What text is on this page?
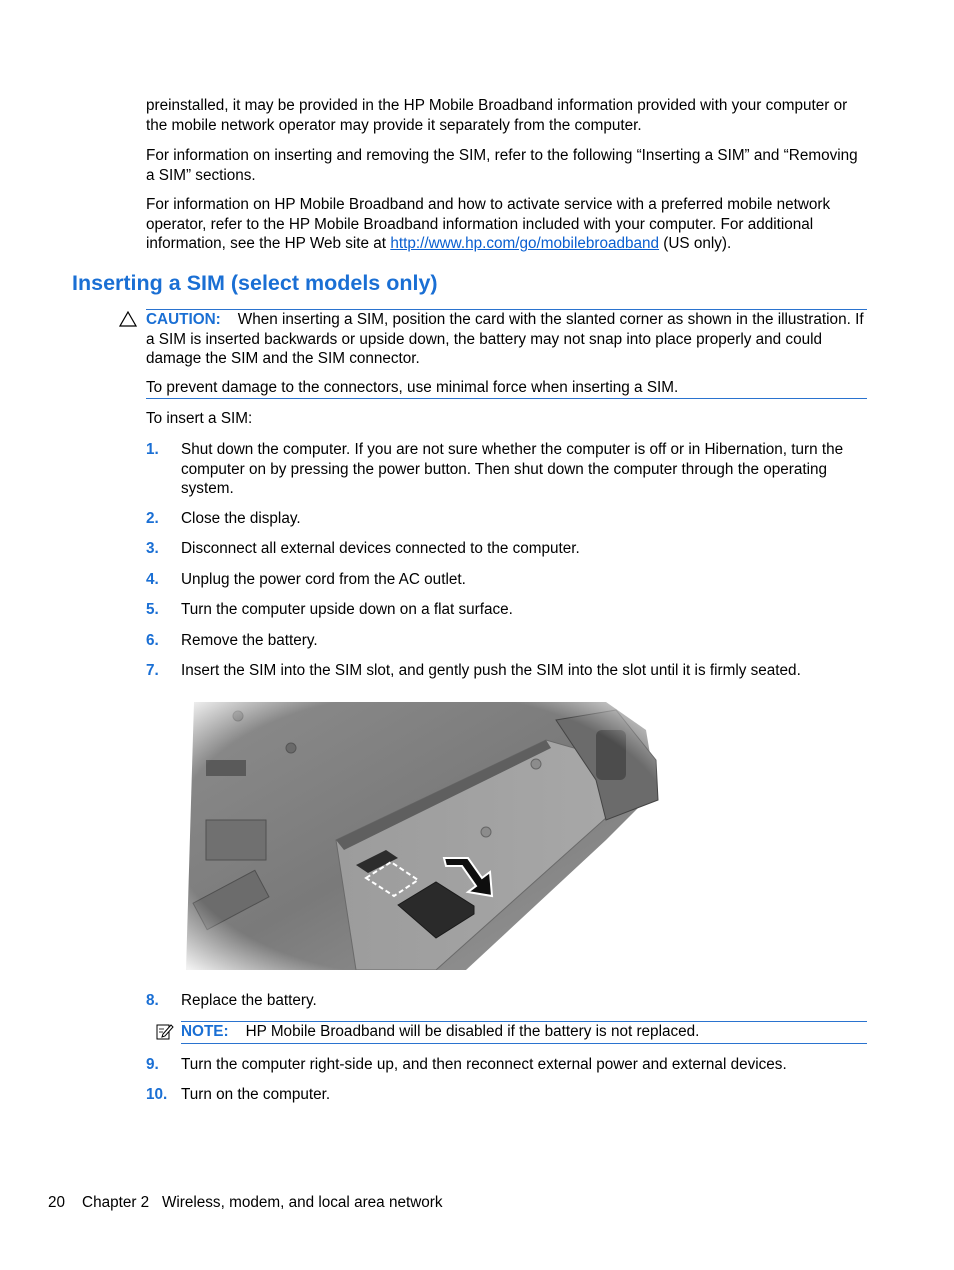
preinstalled, it may be provided in the HP Mobile Broadband information provided with your computer or the mobile network operator may provide it separately from the computer.
For information on inserting and removing the SIM, refer to the following “Inserting a SIM” and “Removing a SIM” sections.
For information on HP Mobile Broadband and how to activate service with a preferred mobile network operator, refer to the HP Mobile Broadband information included with your computer. For additional information, see the HP Web site at http://www.hp.com/go/mobilebroadband (US only).
Inserting a SIM (select models only)
CAUTION: When inserting a SIM, position the card with the slanted corner as shown in the illustration. If a SIM is inserted backwards or upside down, the battery may not snap into place properly and could damage the SIM and the SIM connector.
To prevent damage to the connectors, use minimal force when inserting a SIM.
To insert a SIM:
1. Shut down the computer. If you are not sure whether the computer is off or in Hibernation, turn the computer on by pressing the power button. Then shut down the computer through the operating system.
2. Close the display.
3. Disconnect all external devices connected to the computer.
4. Unplug the power cord from the AC outlet.
5. Turn the computer upside down on a flat surface.
6. Remove the battery.
7. Insert the SIM into the SIM slot, and gently push the SIM into the slot until it is firmly seated.
8. Replace the battery.
NOTE: HP Mobile Broadband will be disabled if the battery is not replaced.
9. Turn the computer right-side up, and then reconnect external power and external devices.
10. Turn on the computer.
20 Chapter 2   Wireless, modem, and local area network
